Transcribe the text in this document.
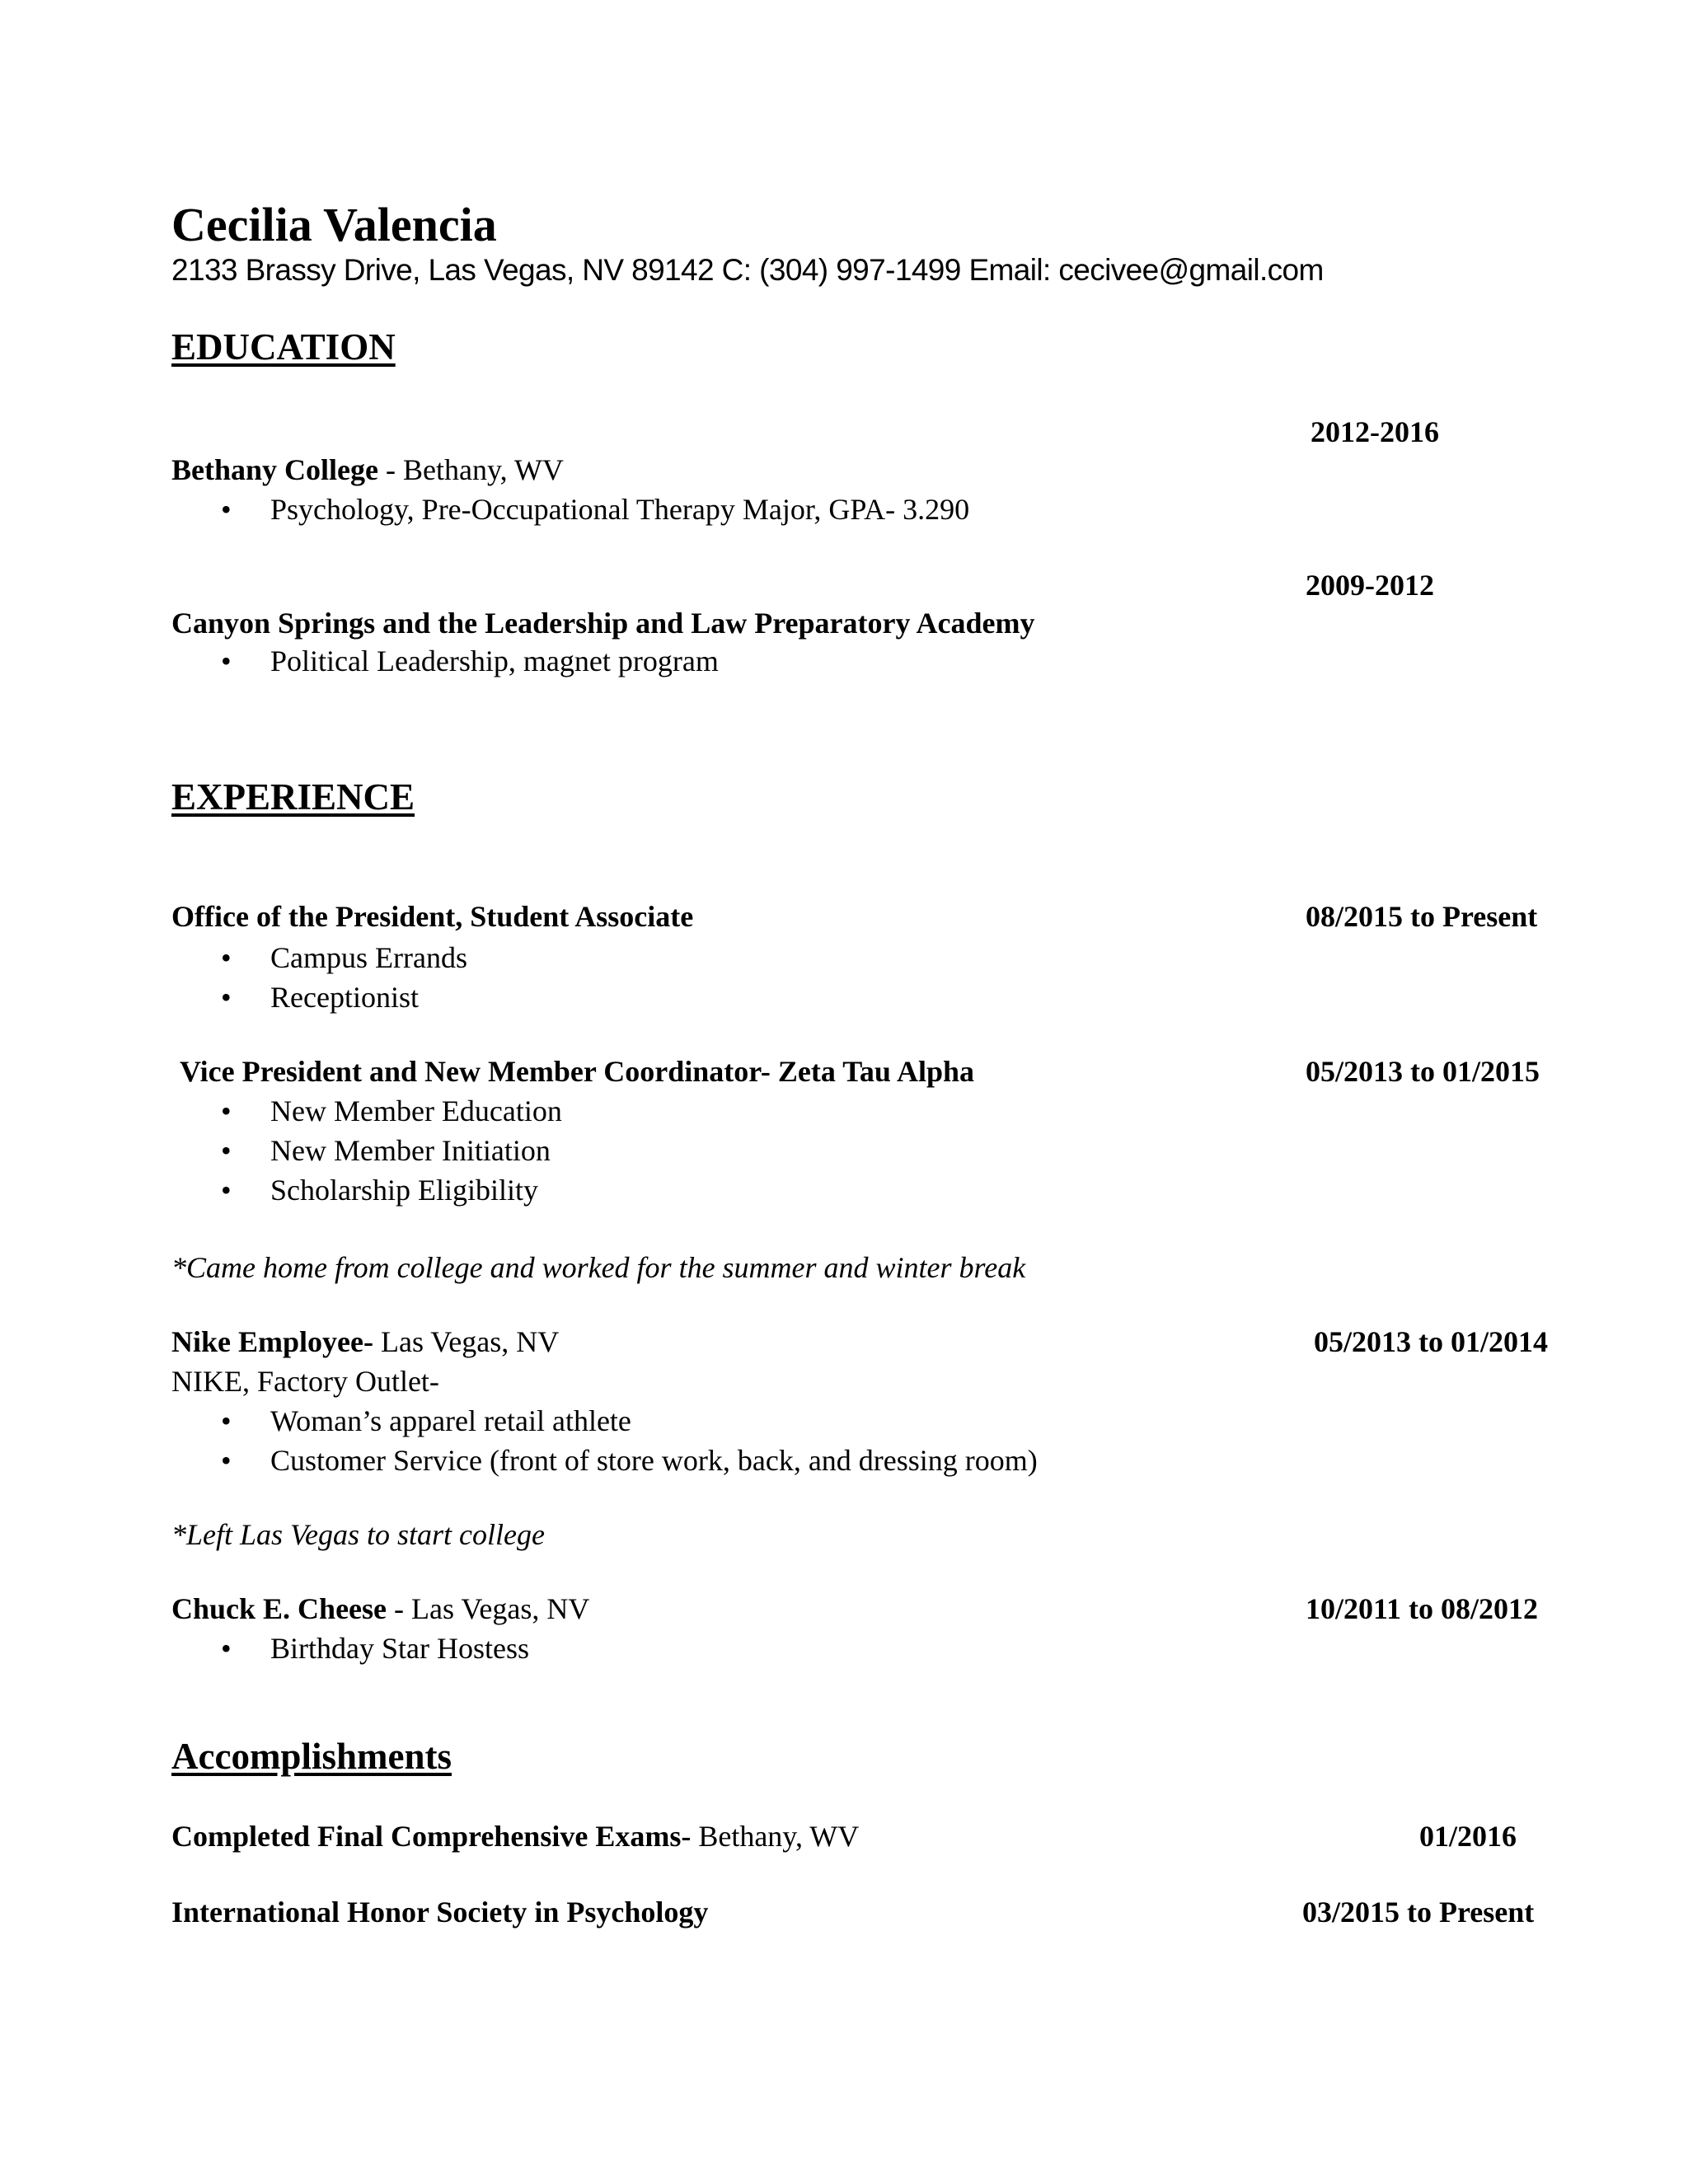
Cecilia Valencia
2133 Brassy Drive, Las Vegas, NV 89142 C: (304) 997-1499 Email: cecivee@gmail.com
EDUCATION
2012-2016
Bethany College - Bethany, WV
• Psychology, Pre-Occupational Therapy Major, GPA- 3.290
2009-2012
Canyon Springs and the Leadership and Law Preparatory Academy
• Political Leadership, magnet program
EXPERIENCE
Office of the President, Student Associate	08/2015 to Present
• Campus Errands
• Receptionist
Vice President and New Member Coordinator- Zeta Tau Alpha	05/2013 to 01/2015
• New Member Education
• New Member Initiation
• Scholarship Eligibility
*Came home from college and worked for the summer and winter break
Nike Employee- Las Vegas, NV	05/2013 to 01/2014
NIKE, Factory Outlet-
• Woman’s apparel retail athlete
• Customer Service (front of store work, back, and dressing room)
*Left Las Vegas to start college
Chuck E. Cheese - Las Vegas, NV	10/2011 to 08/2012
• Birthday Star Hostess
Accomplishments
Completed Final Comprehensive Exams- Bethany, WV	01/2016
International Honor Society in Psychology	03/2015 to Present
